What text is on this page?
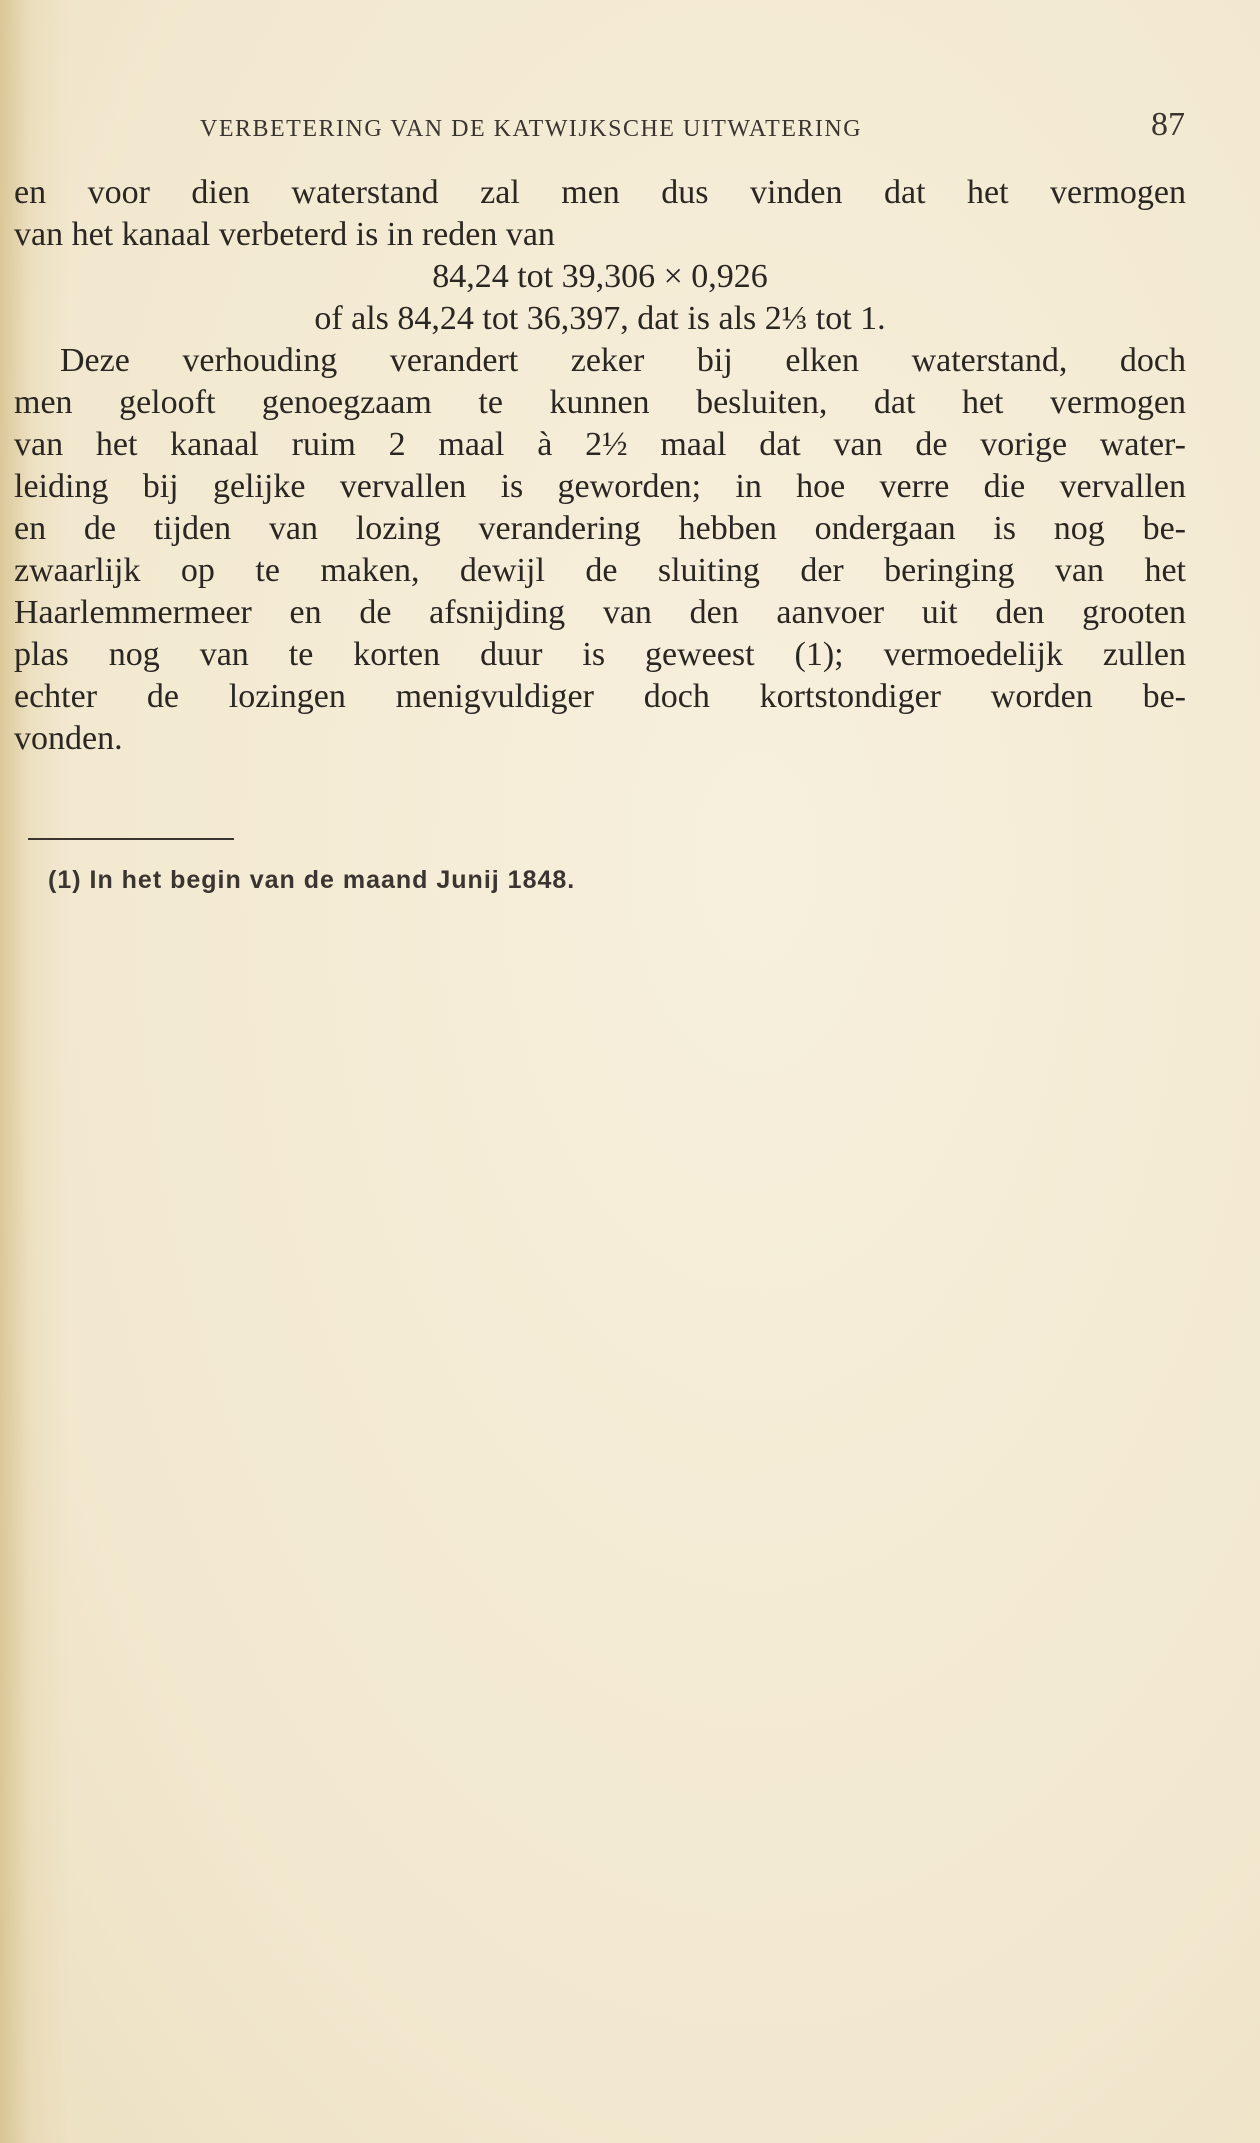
VERBETERING VAN DE KATWIJKSCHE UITWATERING	87
en voor dien waterstand zal men dus vinden dat het vermogen
van het kanaal verbeterd is in reden van
84,24 tot 39,306 × 0,926
of als 84,24 tot 36,397, dat is als 2⅓ tot 1.
Deze verhouding verandert zeker bij elken waterstand, doch
men gelooft genoegzaam te kunnen besluiten, dat het vermogen
van het kanaal ruim 2 maal à 2½ maal dat van de vorige water-
leiding bij gelijke vervallen is geworden; in hoe verre die vervallen
en de tijden van lozing verandering hebben ondergaan is nog be-
zwaarlijk op te maken, dewijl de sluiting der beringing van het
Haarlemmermeer en de afsnijding van den aanvoer uit den grooten
plas nog van te korten duur is geweest (1); vermoedelijk zullen
echter de lozingen menigvuldiger doch kortstondiger worden be-
vonden.
(1) In het begin van de maand Junij 1848.
